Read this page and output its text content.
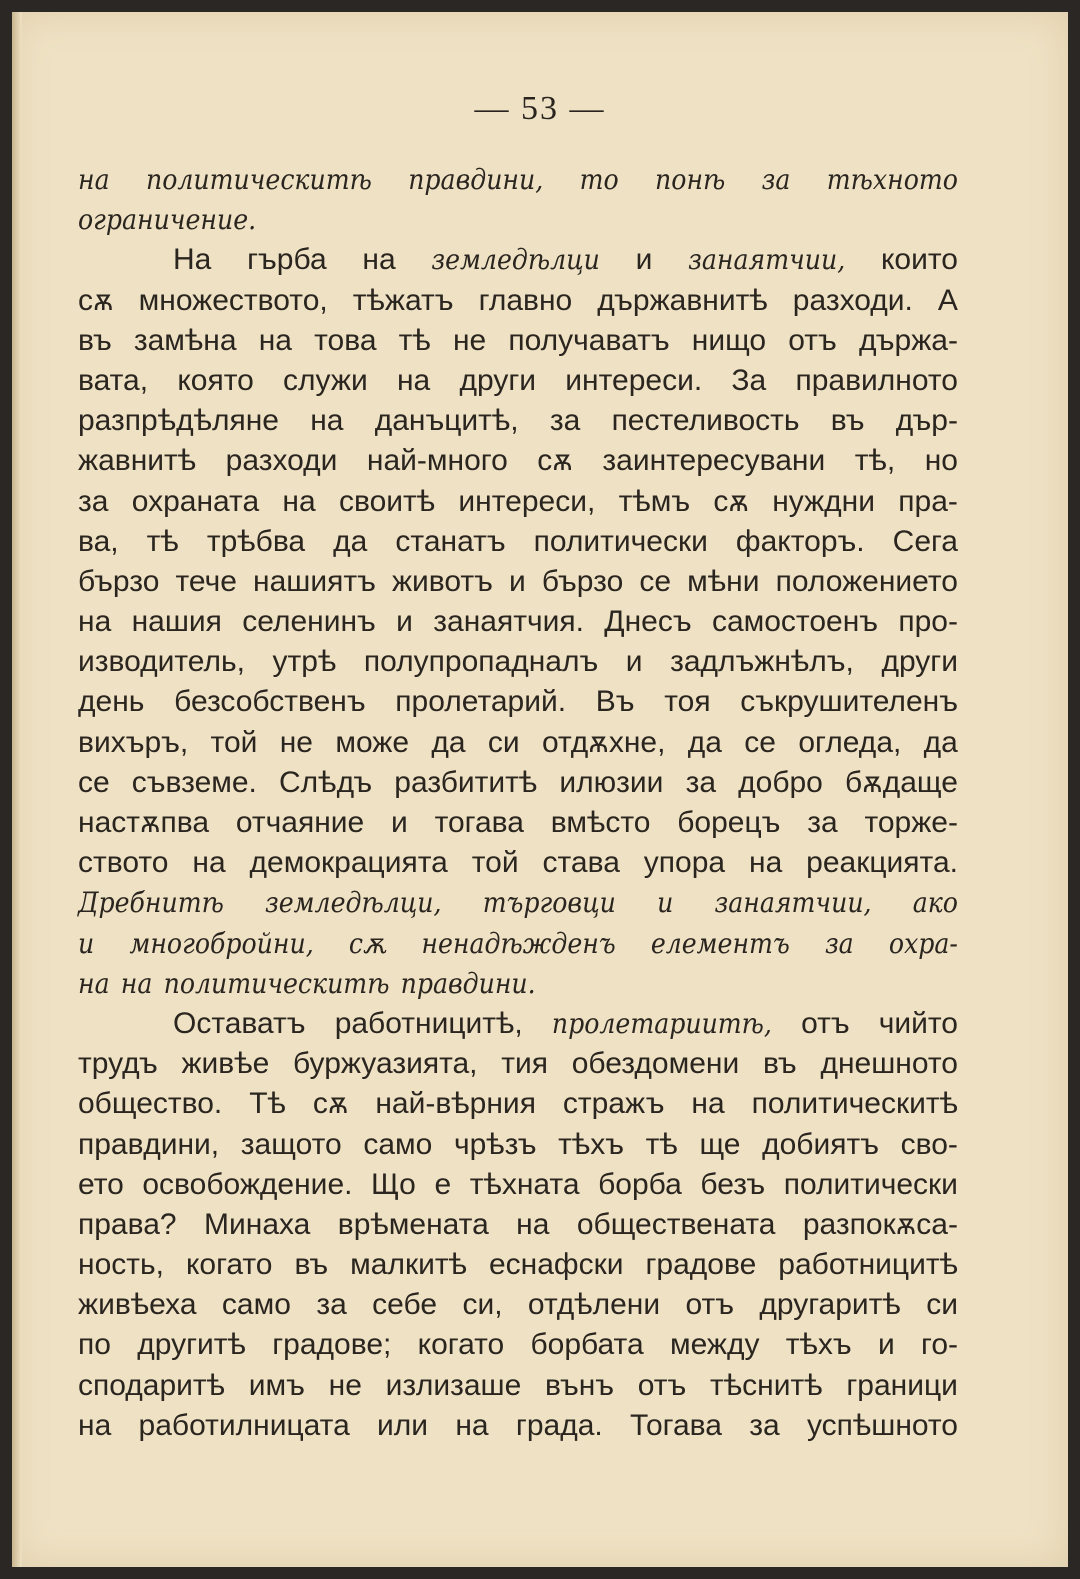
— 53 —
на политическитѣ правдини, то понѣ за тѣхното
ограничение.
На гърба на земледѣлци и занаятчии, които
сѫ множеството, тѣжатъ главно държавнитѣ разходи. А
въ замѣна на това тѣ не получаватъ нищо отъ държа-
вата, която служи на други интереси. За правилното
разпрѣдѣляне на данъцитѣ, за пестеливость въ дър-
жавнитѣ разходи най-много сѫ заинтересувани тѣ, но
за охраната на своитѣ интереси, тѣмъ сѫ нуждни пра-
ва, тѣ трѣбва да станатъ политически факторъ. Сега
бързо тече нашиятъ животъ и бързо се мѣни положението
на нашия селенинъ и занаятчия. Днесъ самостоенъ про-
изводитель, утрѣ полупропадналъ и задлъжнѣлъ, други
день безсобственъ пролетарий. Въ тоя съкрушителенъ
вихъръ, той не може да си отдѫхне, да се огледа, да
се съвземе. Слѣдъ разбититѣ илюзии за добро бѫдаще
настѫпва отчаяние и тогава вмѣсто борецъ за торже-
ството на демокрацията той става упора на реакцията.
Дребнитѣ земледѣлци, търговци и занаятчии, ако
и многобройни, сѫ ненадѣжденъ елементъ за охра-
на на политическитѣ правдини.
Оставатъ работницитѣ, пролетариитѣ, отъ чийто
трудъ живѣе буржуазията, тия обездомени въ днешното
общество. Тѣ сѫ най-вѣрния стражъ на политическитѣ
правдини, защото само чрѣзъ тѣхъ тѣ ще добиятъ сво-
ето освобождение. Що е тѣхната борба безъ политически
права? Минаха врѣмената на обществената разпокѫса-
ность, когато въ малкитѣ еснафски градове работницитѣ
живѣеха само за себе си, отдѣлени отъ другаритѣ си
по другитѣ градове; когато борбата между тѣхъ и го-
сподаритѣ имъ не излизаше вънъ отъ тѣснитѣ граници
на работилницата или на града. Тогава за успѣшното
